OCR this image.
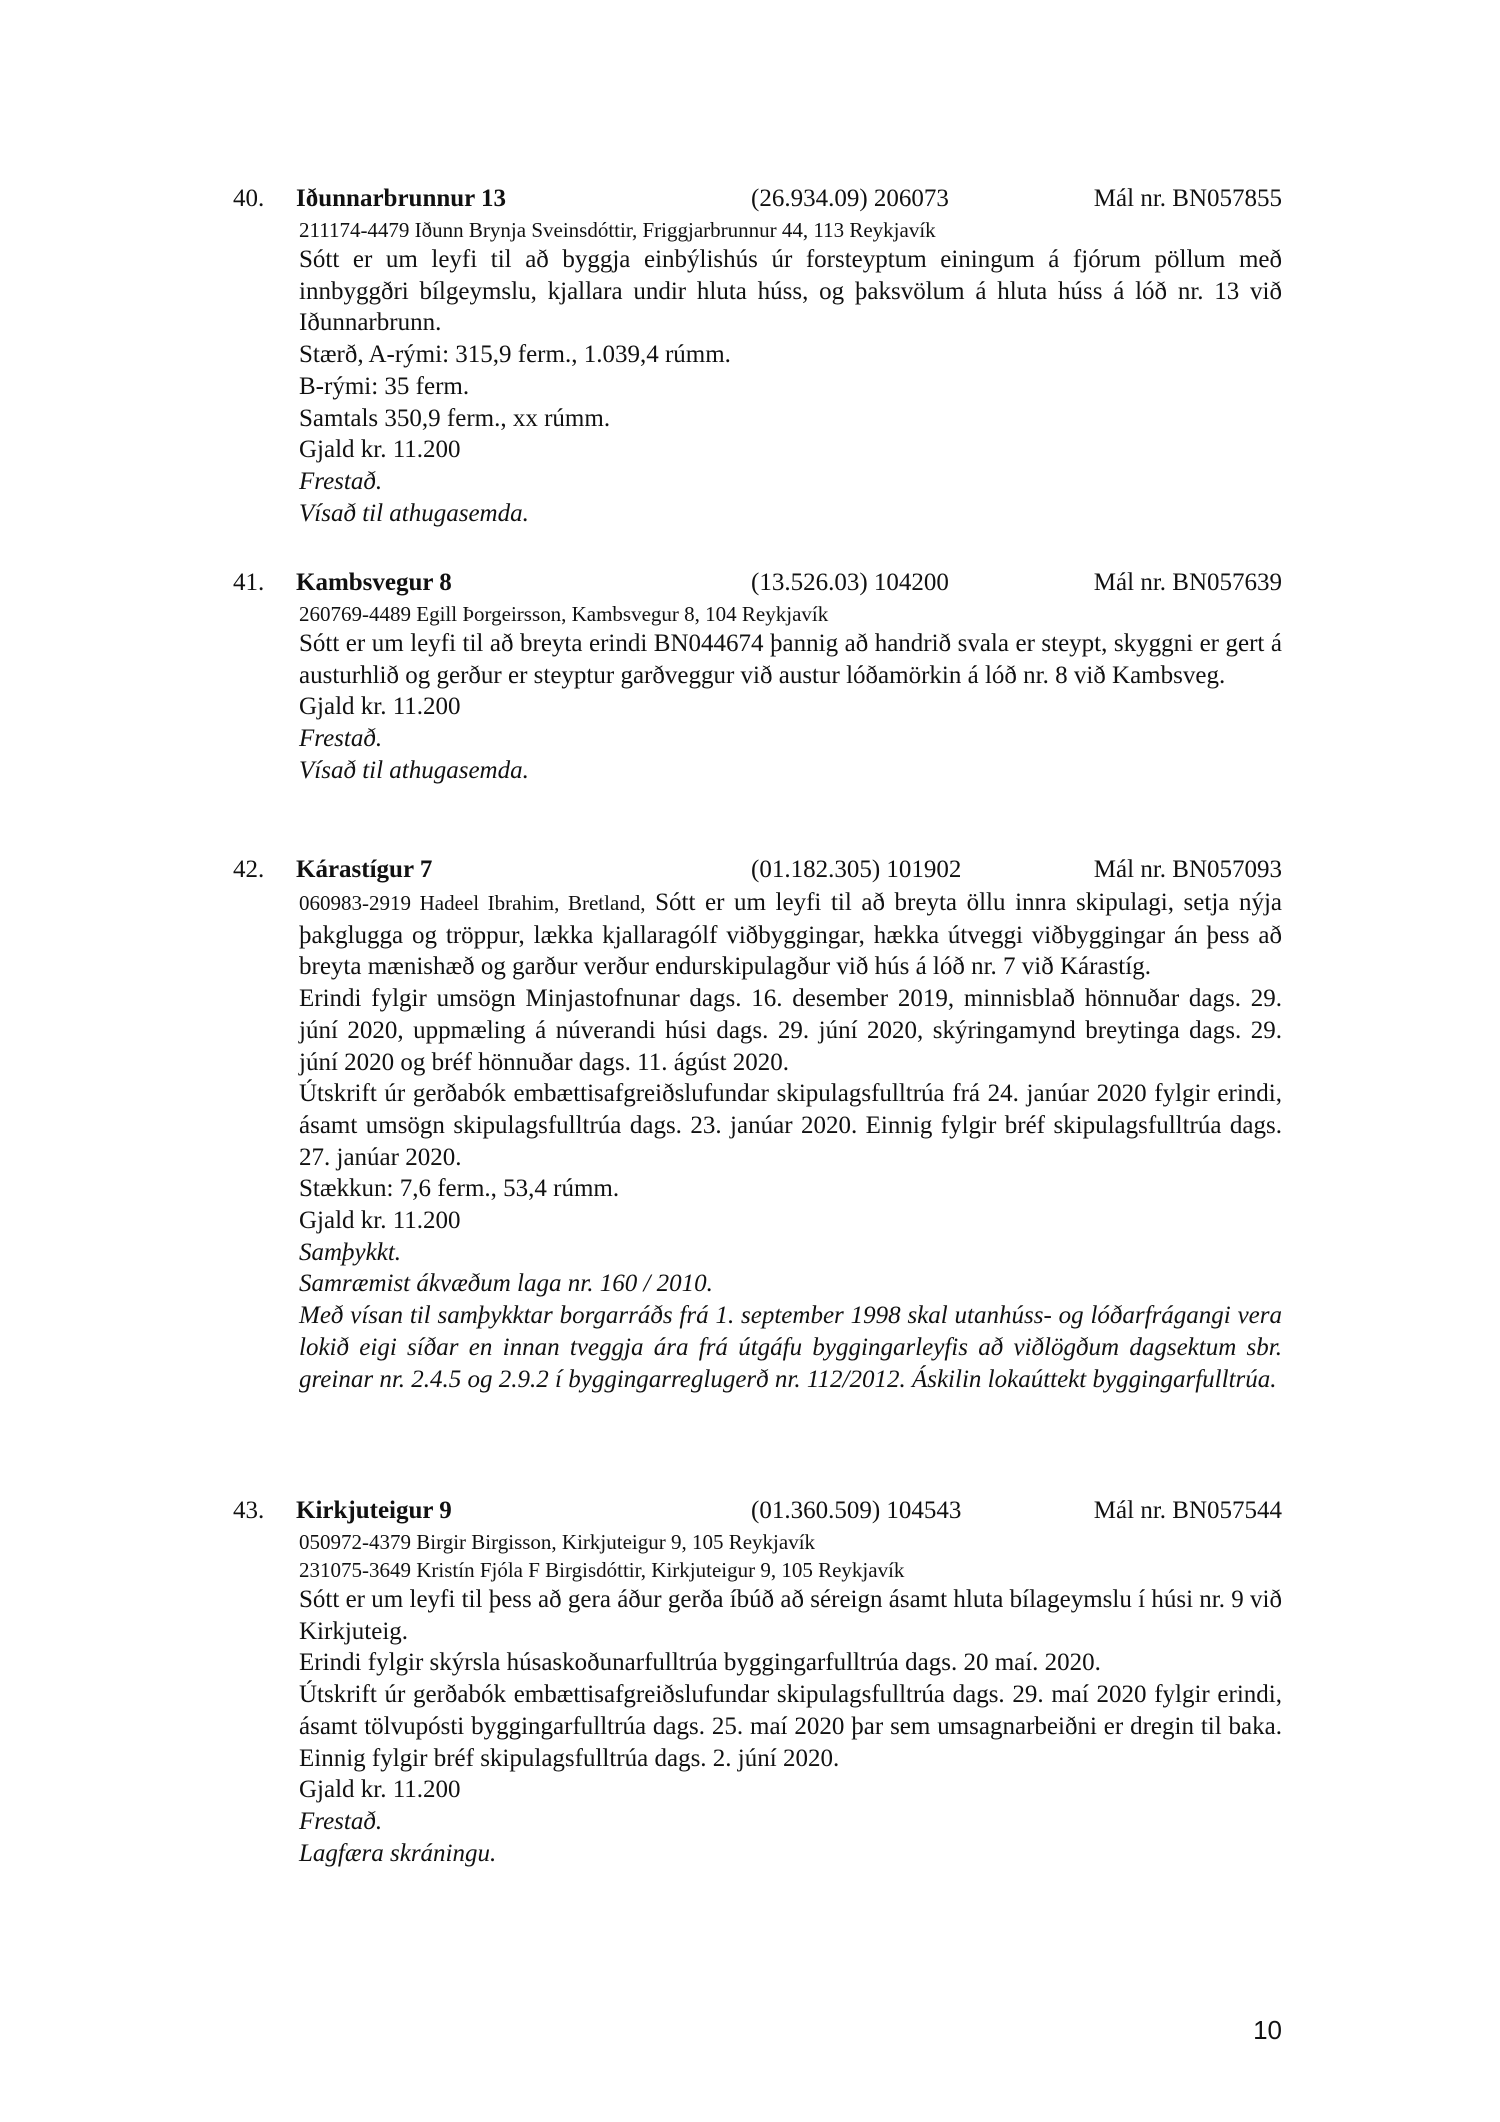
40. Iðunnarbrunnur 13	(26.934.09) 206073	Mál nr. BN057855
211174-4479 Iðunn Brynja Sveinsdóttir, Friggjarbrunnur 44, 113 Reykjavík
Sótt er um leyfi til að byggja einbýlishús úr forsteyptum einingum á fjórum pöllum með innbyggðri bílgeymslu, kjallara undir hluta húss, og þaksvölum á hluta húss á lóð nr. 13 við Iðunnarbrunn.
Stærð, A-rými: 315,9 ferm., 1.039,4 rúmm.
B-rými: 35 ferm.
Samtals 350,9 ferm., xx rúmm.
Gjald kr. 11.200
Frestað.
Vísað til athugasemda.
41. Kambsvegur 8	(13.526.03) 104200	Mál nr. BN057639
260769-4489 Egill Þorgeirsson, Kambsvegur 8, 104 Reykjavík
Sótt er um leyfi til að breyta erindi BN044674 þannig að handrið svala er steypt, skyggni er gert á austurhlið og gerður er steyptur garðveggur við austur lóðamörkin á lóð nr. 8 við Kambsveg.
Gjald kr. 11.200
Frestað.
Vísað til athugasemda.
42. Kárastígur 7	(01.182.305) 101902	Mál nr. BN057093
060983-2919 Hadeel Ibrahim, Bretland, Sótt er um leyfi til að breyta öllu innra skipulagi, setja nýja þakglugga og tröppur, lækka kjallaragólf viðbyggingar, hækka útveggi viðbyggingar án þess að breyta mænishæð og garður verður endurskipulagður við hús á lóð nr. 7 við Kárastíg.
Erindi fylgir umsögn Minjastofnunar dags. 16. desember 2019, minnisblað hönnuðar dags. 29. júní 2020, uppmæling á núverandi húsi dags. 29. júní 2020, skýringamynd breytinga dags. 29. júní 2020 og bréf hönnuðar dags. 11. ágúst 2020.
Útskrift úr gerðabók embættisafgreiðslufundar skipulagsfulltrúa frá 24. janúar 2020 fylgir erindi, ásamt umsögn skipulagsfulltrúa dags. 23. janúar 2020. Einnig fylgir bréf skipulagsfulltrúa dags. 27. janúar 2020.
Stækkun: 7,6 ferm., 53,4 rúmm.
Gjald kr. 11.200
Samþykkt.
Samræmist ákvæðum laga nr. 160 / 2010.
Með vísan til samþykktar borgarráðs frá 1. september 1998 skal utanhúss- og lóðarfrágangi vera lokið eigi síðar en innan tveggja ára frá útgáfu byggingarleyfis að viðlögðum dagsektum sbr. greinar nr. 2.4.5 og 2.9.2 í byggingarreglugerð nr. 112/2012. Áskilin lokaúttekt byggingarfulltrúa.
43. Kirkjuteigur 9	(01.360.509) 104543	Mál nr. BN057544
050972-4379 Birgir Birgisson, Kirkjuteigur 9, 105 Reykjavík
231075-3649 Kristín Fjóla F Birgisdóttir, Kirkjuteigur 9, 105 Reykjavík
Sótt er um leyfi til þess að gera áður gerða íbúð að séreign ásamt hluta bílageymslu í húsi nr. 9 við Kirkjuteig.
Erindi fylgir skýrsla húsaskoðunarfulltrúa byggingarfulltrúa dags. 20 maí. 2020.
Útskrift úr gerðabók embættisafgreiðslufundar skipulagsfulltrúa dags. 29. maí 2020 fylgir erindi, ásamt tölvupósti byggingarfulltrúa dags. 25. maí 2020 þar sem umsagnarbeiðni er dregin til baka. Einnig fylgir bréf skipulagsfulltrúa dags. 2. júní 2020.
Gjald kr. 11.200
Frestað.
Lagfæra skráningu.
10
